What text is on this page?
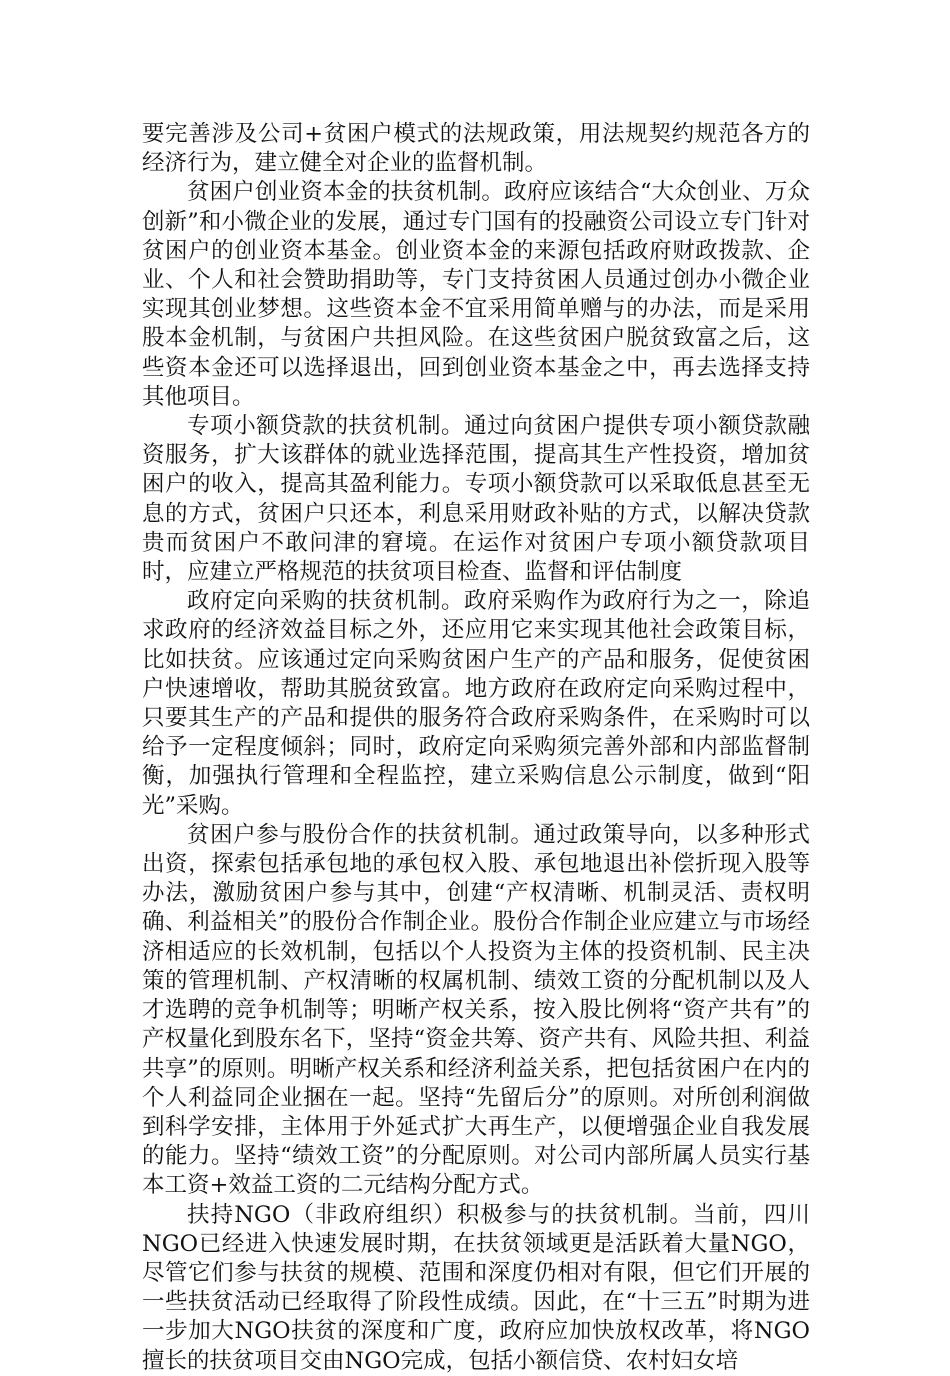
要完善涉及公司+贫困户模式的法规政策，用法规契约规范各方的经济行为，建立健全对企业的监督机制。

贫困户创业资本金的扶贫机制。政府应该结合“大众创业、万众创新”和小微企业的发展，通过专门国有的投融资公司设立专门针对贫困户的创业资本基金。创业资本金的来源包括政府财政拨款、企业、个人和社会赞助捐助等，专门支持贫困人员通过创办小微企业实现其创业梦想。这些资本金不宜采用简单赠与的办法，而是采用股本金机制，与贫困户共担风险。在这些贫困户脱贫致富之后，这些资本金还可以选择退出，回到创业资本基金之中，再去选择支持其他项目。

专项小额贷款的扶贫机制。通过向贫困户提供专项小额贷款融资服务，扩大该群体的就业选择范围，提高其生产性投资，增加贫困户的收入，提高其盈利能力。专项小额贷款可以采取低息甚至无息的方式，贫困户只还本，利息采用财政补贴的方式，以解决贷款贵而贫困户不敢问津的窘境。在运作对贫困户专项小额贷款项目时，应建立严格规范的扶贫项目检查、监督和评估制度

政府定向采购的扶贫机制。政府采购作为政府行为之一，除追求政府的经济效益目标之外，还应用它来实现其他社会政策目标，比如扶贫。应该通过定向采购贫困户生产的产品和服务，促使贫困户快速增收，帮助其脱贫致富。地方政府在政府定向采购过程中，只要其生产的产品和提供的服务符合政府采购条件，在采购时可以给予一定程度倾斜；同时，政府定向采购须完善外部和内部监督制衡，加强执行管理和全程监控，建立采购信息公示制度，做到“阳光”采购。

贫困户参与股份合作的扶贫机制。通过政策导向，以多种形式出资，探索包括承包地的承包权入股、承包地退出补偿折现入股等办法，激励贫困户参与其中，创建“产权清晰、机制灵活、责权明确、利益相关”的股份合作制企业。股份合作制企业应建立与市场经济相适应的长效机制，包括以个人投资为主体的投资机制、民主决策的管理机制、产权清晰的权属机制、绩效工资的分配机制以及人才选聘的竞争机制等；明晰产权关系，按入股比例将“资产共有”的产权量化到股东名下，坚持“资金共筹、资产共有、风险共担、利益共享”的原则。明晰产权关系和经济利益关系，把包括贫困户在内的个人利益同企业捆在一起。坚持“先留后分”的原则。对所创利润做到科学安排，主体用于外延式扩大再生产，以便增强企业自我发展的能力。坚持“绩效工资”的分配原则。对公司内部所属人员实行基本工资+效益工资的二元结构分配方式。

扶持NGO（非政府组织）积极参与的扶贫机制。当前，四川NGO已经进入快速发展时期，在扶贫领域更是活跃着大量NGO，尽管它们参与扶贫的规模、范围和深度仍相对有限，但它们开展的一些扶贫活动已经取得了阶段性成绩。因此，在“十三五”时期为进一步加大NGO扶贫的深度和广度，政府应加快放权改革，将NGO擅长的扶贫项目交由NGO完成，包括小额信贷、农村妇女培
